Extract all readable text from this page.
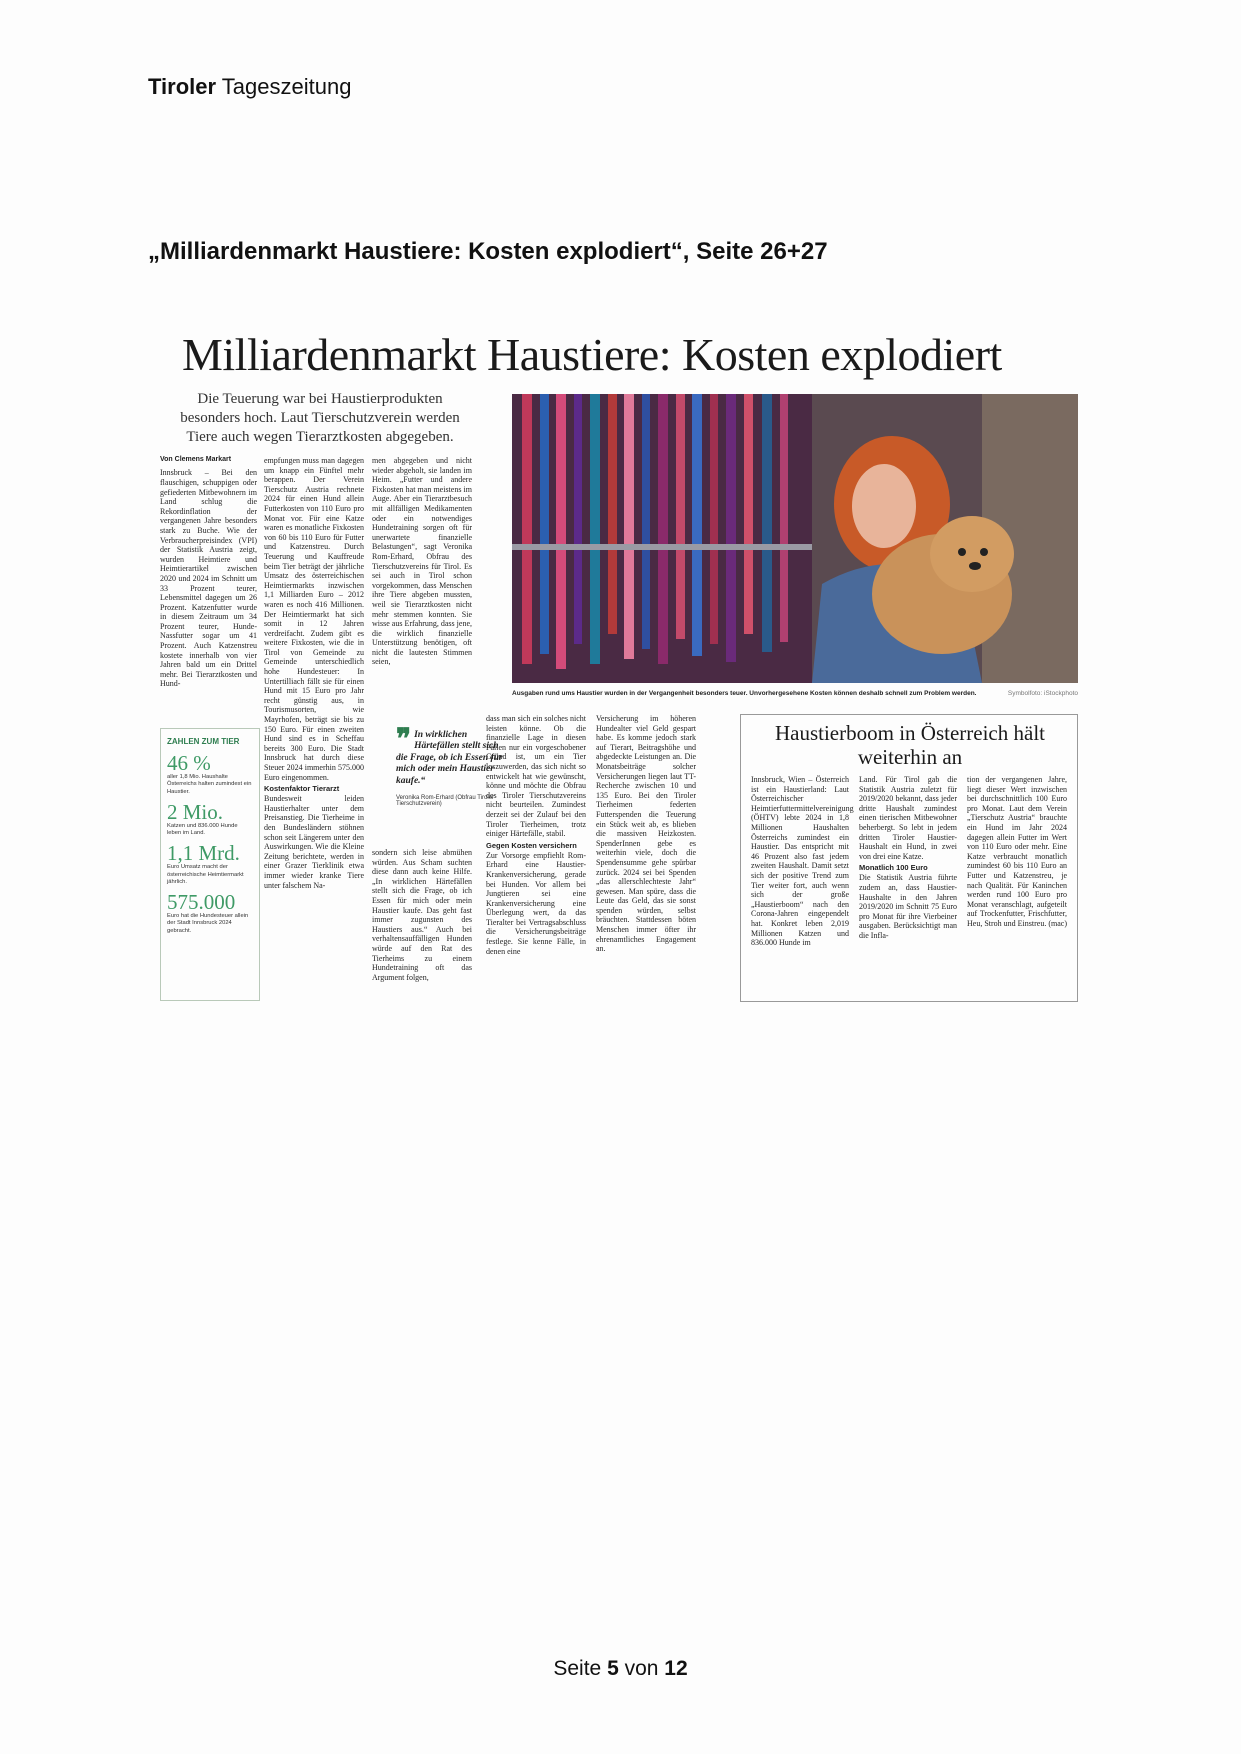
Tiroler Tageszeitung
„Milliardenmarkt Haustiere: Kosten explodiert“, Seite 26+27
Milliardenmarkt Haustiere: Kosten explodiert
Die Teuerung war bei Haustierprodukten besonders hoch. Laut Tierschutzverein werden Tiere auch wegen Tierarztkosten abgegeben.
Symbolfoto: iStockphoto
Ausgaben rund ums Haustier wurden in der Vergangenheit besonders teuer. Unvorhergesehene Kosten können deshalb schnell zum Problem werden.
Von Clemens Markart

Innsbruck – Bei den flauschigen, schuppigen oder gefiederten Mitbewohnern im Land schlug die Rekordinflation der vergangenen Jahre besonders stark zu Buche. Wie der Verbraucherpreisindex (VPI) der Statistik Austria zeigt, wurden Heimtiere und Heimtierartikel zwischen 2020 und 2024 im Schnitt um 33 Prozent teurer, Lebensmittel dagegen um 26 Prozent. Katzenfutter wurde in diesem Zeitraum um 34 Prozent teurer, Hunde-Nassfutter sogar um 41 Prozent. Auch Katzenstreu kostete innerhalb von vier Jahren bald um ein Drittel mehr. Bei Tierarztkosten und Hund-

empfungen muss man dagegen um knapp ein Fünftel mehr berappen. Der Verein Tierschutz Austria rechnete 2024 für einen Hund allein Futterkosten von 110 Euro pro Monat vor. Für eine Katze waren es monatliche Fixkosten von 60 bis 110 Euro für Futter und Katzenstreu. Durch Teuerung und Kauffreude beim Tier beträgt der jährliche Umsatz des österreichischen Heimtiermarkts inzwischen 1,1 Milliarden Euro – 2012 waren es noch 416 Millionen. Der Heimtiermarkt hat sich somit in 12 Jahren verdreifacht. Zudem gibt es weitere Fixkosten, wie die in Tirol von Gemeinde zu Gemeinde unterschiedlich hohe Hundesteuer: In Untertilliach fällt sie für einen Hund mit 15 Euro pro Jahr recht günstig aus, in Tourismusorten, wie Mayrhofen, beträgt sie bis zu 150 Euro. Für einen zweiten Hund sind es in Scheffau bereits 300 Euro. Die Stadt Innsbruck hat durch diese Steuer 2024 immerhin 575.000 Euro eingenommen.

Kostenfaktor Tierarzt

Bundesweit leiden Haustierhalter unter dem Preisanstieg. Die Tierheime in den Bundesländern stöhnen schon seit Längerem unter den Auswirkungen. Wie die Kleine Zeitung berichtete, werden in einer Grazer Tierklinik etwa immer wieder kranke Tiere unter falschem Na-

men abgegeben und nicht wieder abgeholt, sie landen im Heim. „Futter und andere Fixkosten hat man meistens im Auge. Aber ein Tierarztbesuch mit allfälligen Medikamenten oder ein notwendiges Hundetraining sorgen oft für unerwartete finanzielle Belastungen“, sagt Veronika Rom-Erhard, Obfrau des Tierschutzvereins für Tirol. Es sei auch in Tirol schon vorgekommen, dass Menschen ihre Tiere abgeben mussten, weil sie Tierarztkosten nicht mehr stemmen konnten. Sie wisse aus Erfahrung, dass jene, die wirklich finanzielle Unterstützung benötigen, oft nicht die lautesten Stimmen seien,

❞ In wirklichen Härtefällen stellt sich die Frage, ob ich Essen für mich oder mein Haustier kaufe.“
Veronika Rom-Erhard (Obfrau Tiroler Tierschutzverein)

sondern sich leise abmühen würden. Aus Scham suchten diese dann auch keine Hilfe. „In wirklichen Härtefällen stellt sich die Frage, ob ich Essen für mich oder mein Haustier kaufe. Das geht fast immer zugunsten des Haustiers aus.“ Auch bei verhaltensauffälligen Hunden würde auf den Rat des Tierheims zu einem Hundetraining oft das Argument folgen,

dass man sich ein solches nicht leisten könne. Ob die finanzielle Lage in diesen Fällen nur ein vorgeschobener Grund ist, um ein Tier loszuwerden, das sich nicht so entwickelt hat wie gewünscht, könne und möchte die Obfrau des Tiroler Tierschutzvereins nicht beurteilen. Zumindest derzeit sei der Zulauf bei den Tiroler Tierheimen, trotz einiger Härtefälle, stabil.

Gegen Kosten versichern

Zur Vorsorge empfiehlt Rom-Erhard eine Haustier-Krankenversicherung, gerade bei Hunden. Vor allem bei Jungtieren sei eine Krankenversicherung eine Überlegung wert, da das Tieralter bei Vertragsabschluss die Versicherungsbeiträge festlege. Sie kenne Fälle, in denen eine

Versicherung im höheren Hundealter viel Geld gespart habe. Es komme jedoch stark auf Tierart, Beitragshöhe und abgedeckte Leistungen an. Die Monatsbeiträge solcher Versicherungen liegen laut TT-Recherche zwischen 10 und 135 Euro. Bei den Tiroler Tierheimen federten Futterspenden die Teuerung ein Stück weit ab, es blieben die massiven Heizkosten. SpenderInnen gebe es weiterhin viele, doch die Spendensumme gehe spürbar zurück. 2024 sei bei Spenden „das allerschlechteste Jahr“ gewesen. Man spüre, dass die Leute das Geld, das sie sonst spenden würden, selbst bräuchten. Stattdessen böten Menschen immer öfter ihr ehrenamtliches Engagement an.

ZAHLEN ZUM TIER
46 %
aller 1,8 Mio. Haushalte Österreichs halten zumindest ein Haustier.
2 Mio.
Katzen und 836.000 Hunde leben im Land.
1,1 Mrd.
Euro Umsatz macht der österreichische Heimtiermarkt jährlich.
575.000
Euro hat die Hundesteuer allein der Stadt Innsbruck 2024 gebracht.
Haustierboom in Österreich hält weiterhin an

Innsbruck, Wien – Österreich ist ein Haustierland: Laut Österreichischer Heimtierfuttermittelvereinigung (ÖHTV) lebte 2024 in 1,8 Millionen Haushalten Österreichs zumindest ein Haustier. Das entspricht mit 46 Prozent also fast jedem zweiten Haushalt. Damit setzt sich der positive Trend zum Tier weiter fort, auch wenn sich der große „Haustierboom“ nach den Corona-Jahren eingependelt hat. Konkret leben 2,019 Millionen Katzen und 836.000 Hunde im

Land. Für Tirol gab die Statistik Austria zuletzt für 2019/2020 bekannt, dass jeder dritte Haushalt zumindest einen tierischen Mitbewohner beherbergt. So lebt in jedem dritten Tiroler Haustier-Haushalt ein Hund, in zwei von drei eine Katze.

Monatlich 100 Euro

Die Statistik Austria führte zudem an, dass Haustier-Haushalte in den Jahren 2019/2020 im Schnitt 75 Euro pro Monat für ihre Vierbeiner ausgaben. Berücksichtigt man die Infla-

tion der vergangenen Jahre, liegt dieser Wert inzwischen bei durchschnittlich 100 Euro pro Monat. Laut dem Verein „Tierschutz Austria“ brauchte ein Hund im Jahr 2024 dagegen allein Futter im Wert von 110 Euro oder mehr. Eine Katze verbraucht monatlich zumindest 60 bis 110 Euro an Futter und Katzenstreu, je nach Qualität. Für Kaninchen werden rund 100 Euro pro Monat veranschlagt, aufgeteilt auf Trockenfutter, Frischfutter, Heu, Stroh und Einstreu. (mac)

Seite 5 von 12
